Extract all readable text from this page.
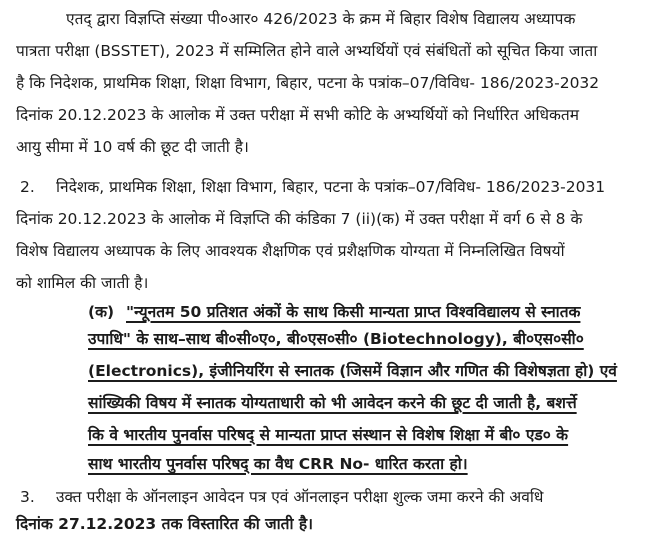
एतद् द्वारा विज्ञप्ति संख्या पी०आर० 426/2023 के क्रम में बिहार विशेष विद्यालय अध्यापक
पात्रता परीक्षा (BSSTET), 2023 में सम्मिलित होने वाले अभ्यर्थियों एवं संबंधितों को सूचित किया जाता
है कि निदेशक, प्राथमिक शिक्षा, शिक्षा विभाग, बिहार, पटना के पत्रांक–07/विविध- 186/2023-2032
दिनांक 20.12.2023 के आलोक में उक्त परीक्षा में सभी कोटि के अभ्यर्थियों को निर्धारित अधिकतम
आयु सीमा में 10 वर्ष की छूट दी जाती है।
2. निदेशक, प्राथमिक शिक्षा, शिक्षा विभाग, बिहार, पटना के पत्रांक–07/विविध- 186/2023-2031
दिनांक 20.12.2023 के आलोक में विज्ञप्ति की कंडिका 7 (ii)(क) में उक्त परीक्षा में वर्ग 6 से 8 के
विशेष विद्यालय अध्यापक के लिए आवश्यक शैक्षणिक एवं प्रशैक्षणिक योग्यता में निम्नलिखित विषयों
को शामिल की जाती है।
(क) "न्यूनतम 50 प्रतिशत अंकों के साथ किसी मान्यता प्राप्त विश्वविद्यालय से स्नातक
उपाधि" के साथ–साथ बी०सी०ए०, बी०एस०सी० (Biotechnology), बी०एस०सी०
(Electronics), इंजीनियरिंग से स्नातक (जिसमें विज्ञान और गणित की विशेषज्ञता हो) एवं
सांख्यिकी विषय में स्नातक योग्यताधारी को भी आवेदन करने की छूट दी जाती है, बशर्त्ते
कि वे भारतीय पुनर्वास परिषद् से मान्यता प्राप्त संस्थान से विशेष शिक्षा में बी० एड० के
साथ भारतीय पुनर्वास परिषद् का वैध CRR No- धारित करता हो।
3. उक्त परीक्षा के ऑनलाइन आवेदन पत्र एवं ऑनलाइन परीक्षा शुल्क जमा करने की अवधि
दिनांक 27.12.2023 तक विस्तारित की जाती है।
